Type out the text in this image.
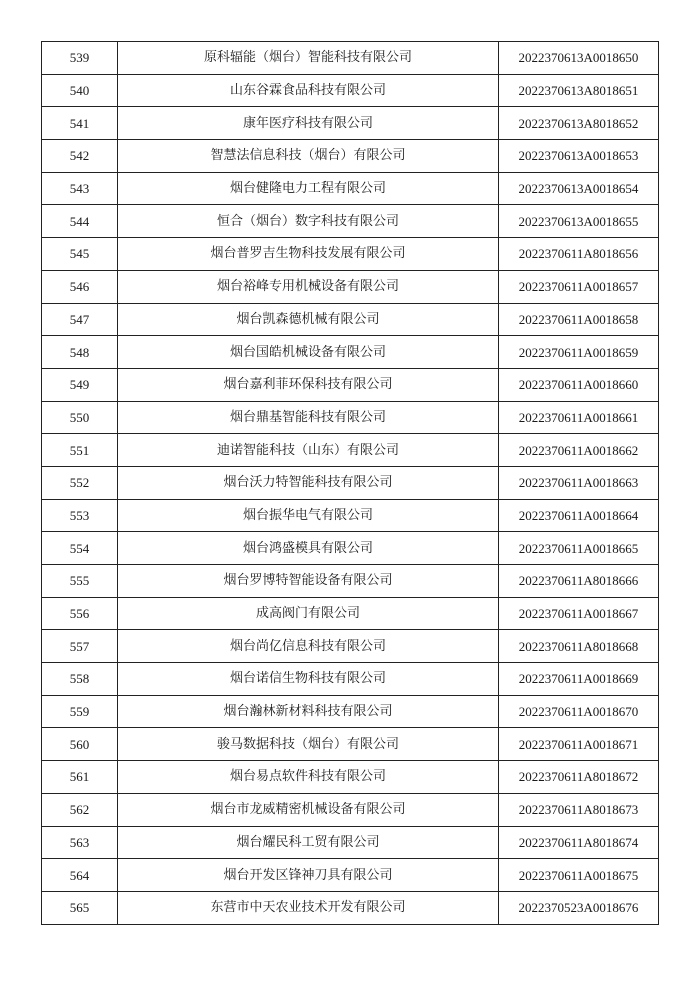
539	原科辐能（烟台）智能科技有限公司	2022370613A0018650
540	山东谷霖食品科技有限公司	2022370613A8018651
541	康年医疗科技有限公司	2022370613A8018652
542	智慧法信息科技（烟台）有限公司	2022370613A0018653
543	烟台健隆电力工程有限公司	2022370613A0018654
544	恒合（烟台）数字科技有限公司	2022370613A0018655
545	烟台普罗吉生物科技发展有限公司	2022370611A8018656
546	烟台裕峰专用机械设备有限公司	2022370611A0018657
547	烟台凯森德机械有限公司	2022370611A0018658
548	烟台国皓机械设备有限公司	2022370611A0018659
549	烟台嘉利菲环保科技有限公司	2022370611A0018660
550	烟台鼎基智能科技有限公司	2022370611A0018661
551	迪诺智能科技（山东）有限公司	2022370611A0018662
552	烟台沃力特智能科技有限公司	2022370611A0018663
553	烟台振华电气有限公司	2022370611A0018664
554	烟台鸿盛模具有限公司	2022370611A0018665
555	烟台罗博特智能设备有限公司	2022370611A8018666
556	成高阀门有限公司	2022370611A0018667
557	烟台尚亿信息科技有限公司	2022370611A8018668
558	烟台诺信生物科技有限公司	2022370611A0018669
559	烟台瀚林新材料科技有限公司	2022370611A0018670
560	骏马数据科技（烟台）有限公司	2022370611A0018671
561	烟台易点软件科技有限公司	2022370611A8018672
562	烟台市龙威精密机械设备有限公司	2022370611A8018673
563	烟台耀民科工贸有限公司	2022370611A8018674
564	烟台开发区锋神刀具有限公司	2022370611A0018675
565	东营市中天农业技术开发有限公司	2022370523A0018676
